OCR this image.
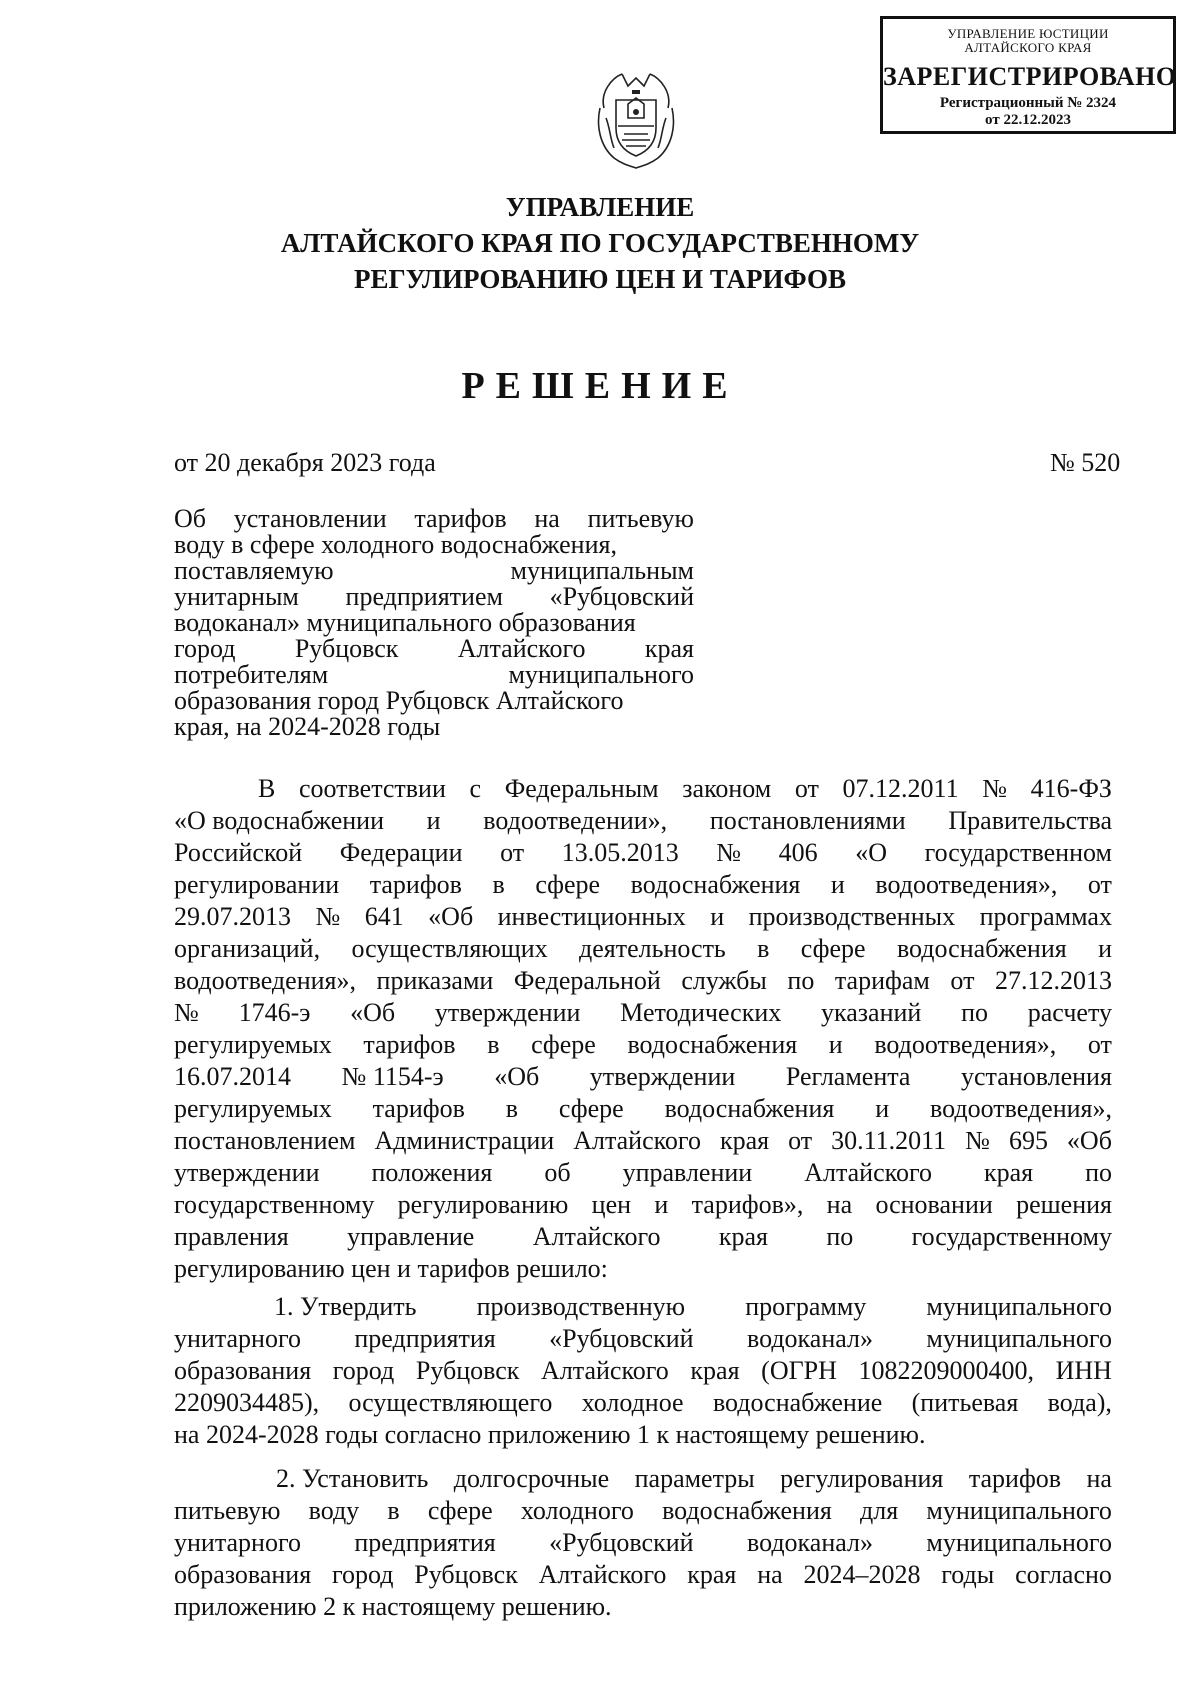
УПРАВЛЕНИЕ ЮСТИЦИИ
АЛТАЙСКОГО КРАЯ
ЗАРЕГИСТРИРОВАНО
Регистрационный № 2324
от 22.12.2023
УПРАВЛЕНИЕ
АЛТАЙСКОГО КРАЯ ПО ГОСУДАРСТВЕННОМУ
РЕГУЛИРОВАНИЮ ЦЕН И ТАРИФОВ
РЕШЕНИЕ
от 20 декабря 2023 года	№ 520
Об установлении тарифов на питьевую
воду в сфере холодного водоснабжения,
поставляемую	муниципальным
унитарным предприятием «Рубцовский
водоканал» муниципального образования
город Рубцовск Алтайского края
потребителям	муниципального
образования город Рубцовск Алтайского
края, на 2024-2028 годы
В соответствии с Федеральным законом от 07.12.2011 № 416-ФЗ
«О водоснабжении и водоотведении», постановлениями Правительства
Российской Федерации от 13.05.2013 № 406 «О государственном
регулировании тарифов в сфере водоснабжения и водоотведения», от
29.07.2013 № 641 «Об инвестиционных и производственных программах
организаций, осуществляющих деятельность в сфере водоснабжения и
водоотведения», приказами Федеральной службы по тарифам от 27.12.2013
№ 1746-э «Об утверждении Методических указаний по расчету
регулируемых тарифов в сфере водоснабжения и водоотведения», от
16.07.2014 № 1154-э «Об утверждении Регламента установления
регулируемых тарифов в сфере водоснабжения и водоотведения»,
постановлением Администрации Алтайского края от 30.11.2011 № 695 «Об
утверждении положения об управлении Алтайского края по
государственному регулированию цен и тарифов», на основании решения
правления управление Алтайского края по государственному
регулированию цен и тарифов решило:
1. Утвердить производственную программу муниципального
унитарного предприятия «Рубцовский водоканал» муниципального
образования город Рубцовск Алтайского края (ОГРН 1082209000400, ИНН
2209034485), осуществляющего холодное водоснабжение (питьевая вода),
на 2024-2028 годы согласно приложению 1 к настоящему решению.
2. Установить долгосрочные параметры регулирования тарифов на
питьевую воду в сфере холодного водоснабжения для муниципального
унитарного предприятия «Рубцовский водоканал» муниципального
образования город Рубцовск Алтайского края на 2024–2028 годы согласно
приложению 2 к настоящему решению.
